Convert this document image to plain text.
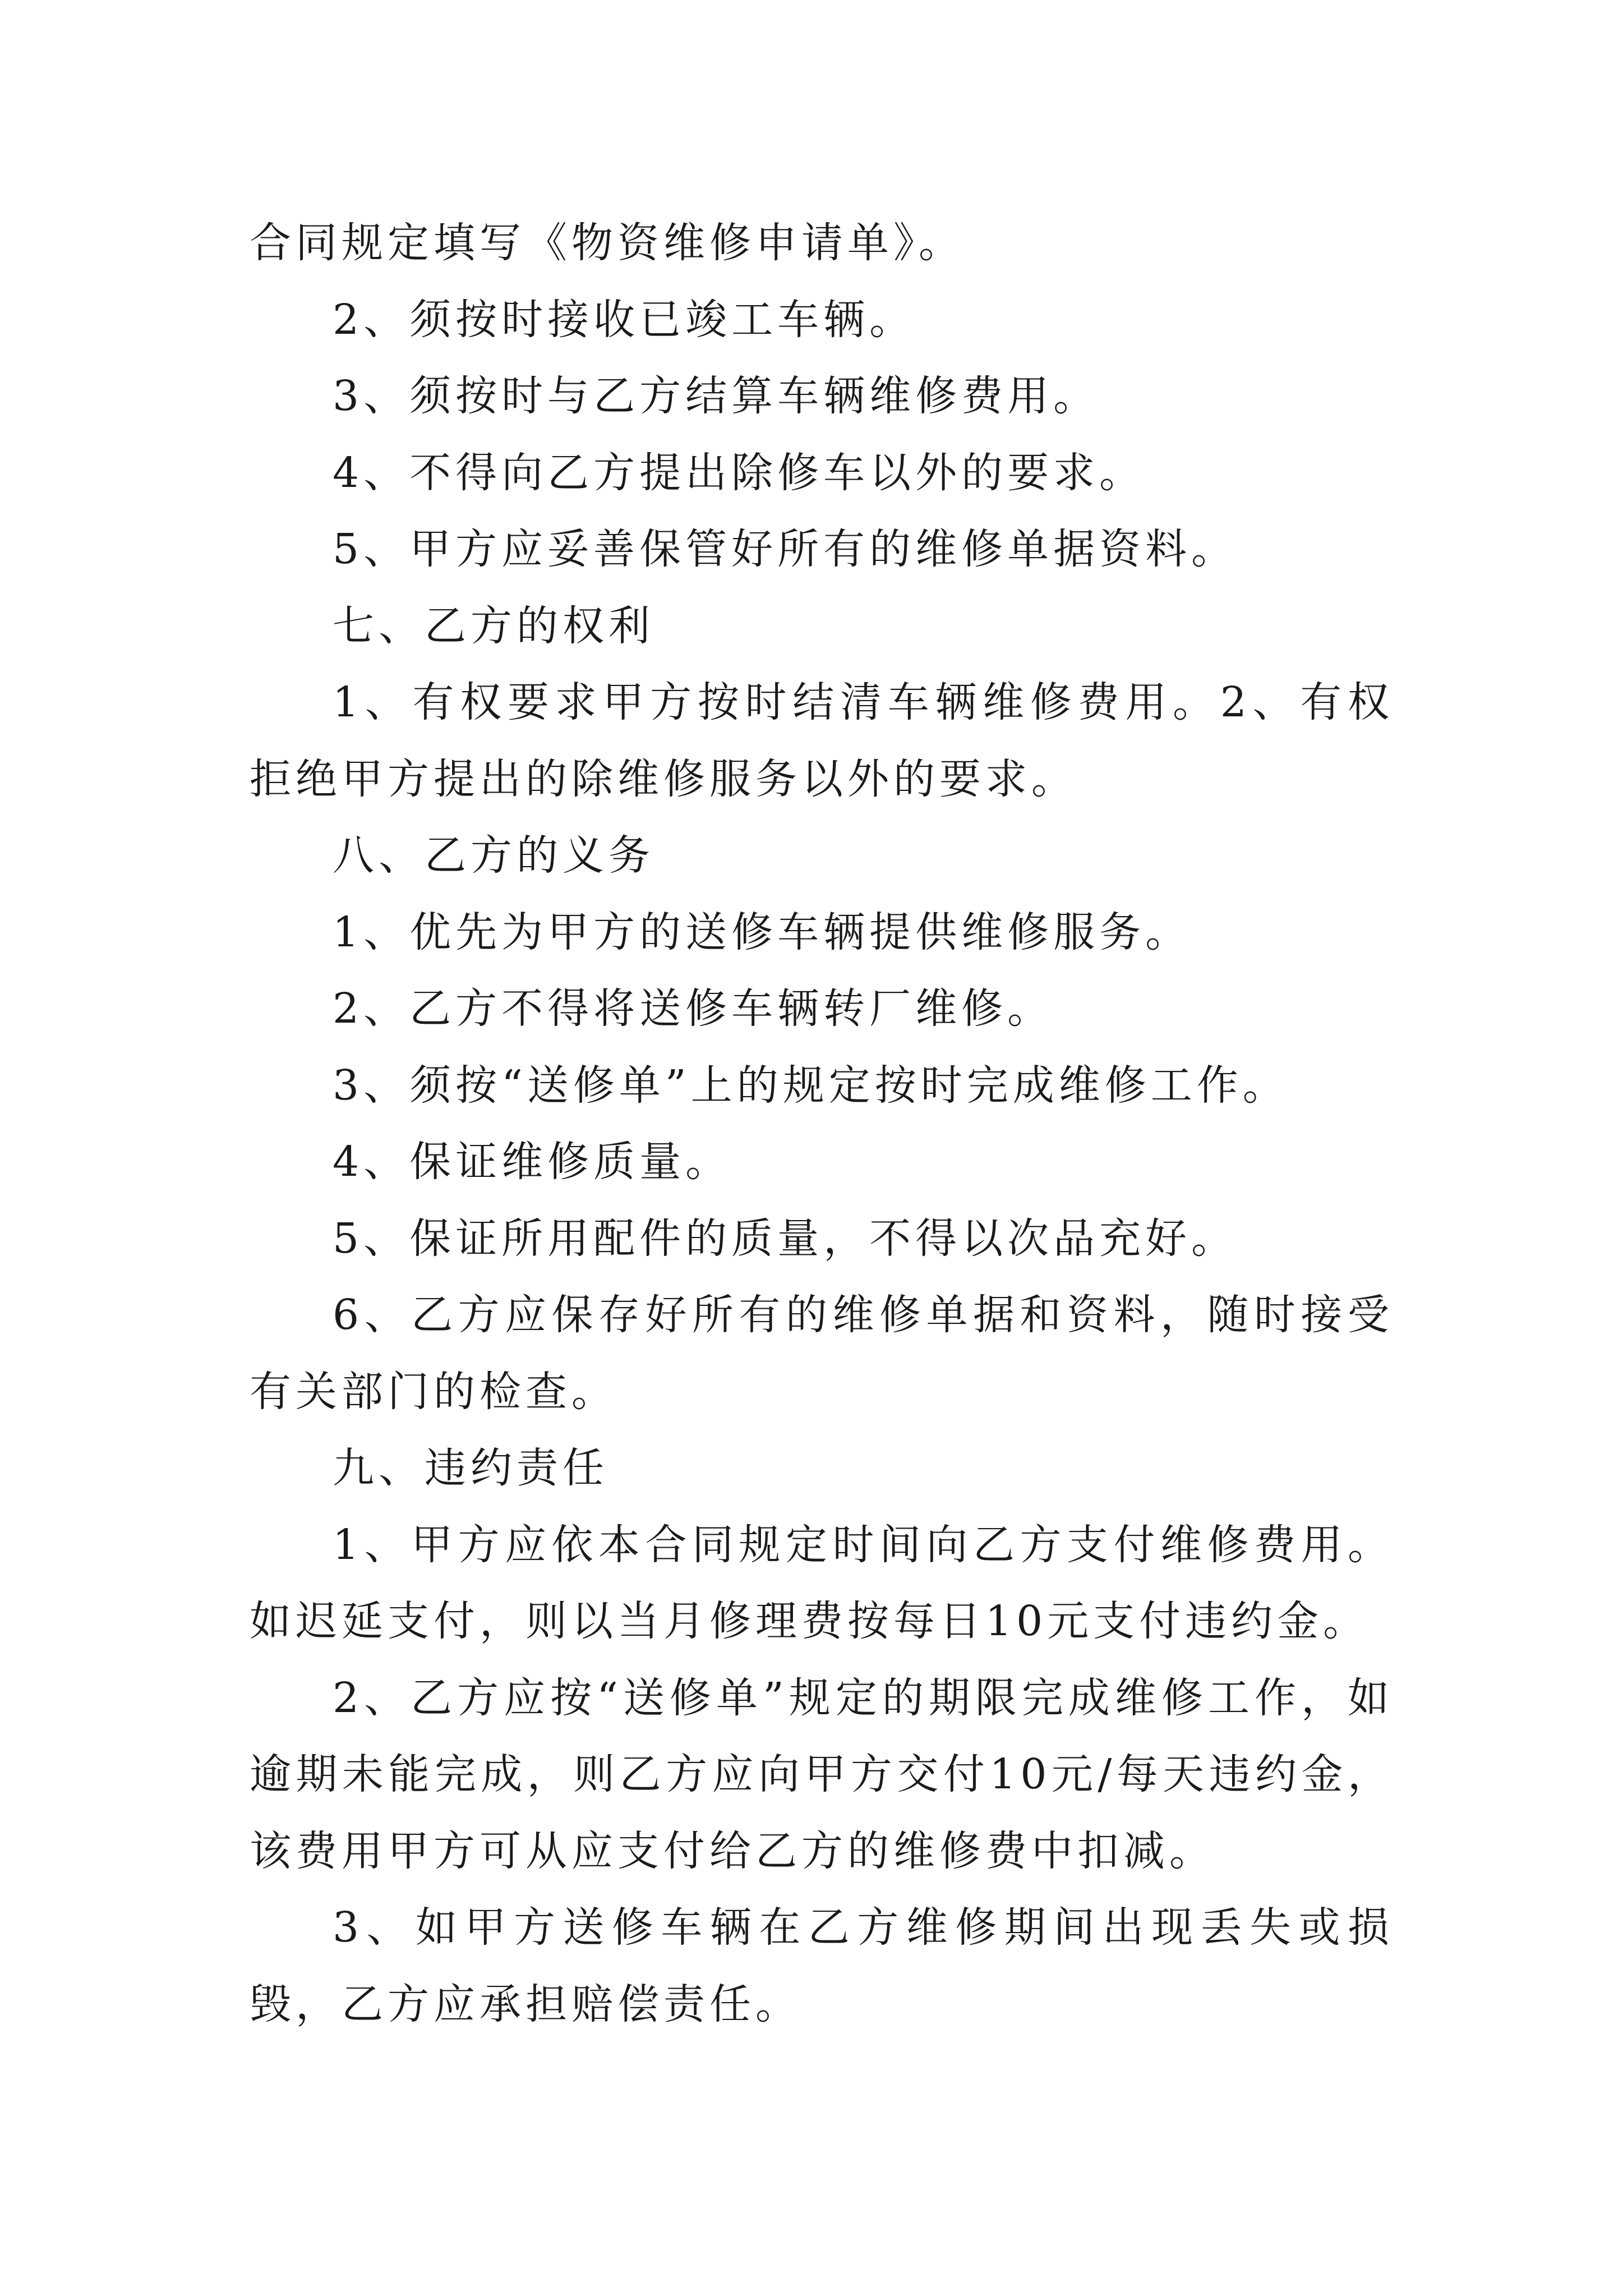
合同规定填写《物资维修申请单》。

2、须按时接收已竣工车辆。

3、须按时与乙方结算车辆维修费用。

4、不得向乙方提出除修车以外的要求。

5、甲方应妥善保管好所有的维修单据资料。

七、乙方的权利

1、有权要求甲方按时结清车辆维修费用。2、有权拒绝甲方提出的除维修服务以外的要求。

八、乙方的义务

1、优先为甲方的送修车辆提供维修服务。

2、乙方不得将送修车辆转厂维修。

3、须按“送修单”上的规定按时完成维修工作。

4、保证维修质量。

5、保证所用配件的质量，不得以次品充好。

6、乙方应保存好所有的维修单据和资料，随时接受有关部门的检查。

九、违约责任

1、甲方应依本合同规定时间向乙方支付维修费用。如迟延支付，则以当月修理费按每日10元支付违约金。

2、乙方应按“送修单”规定的期限完成维修工作，如逾期未能完成，则乙方应向甲方交付10元/每天违约金，该费用甲方可从应支付给乙方的维修费中扣减。

3、如甲方送修车辆在乙方维修期间出现丢失或损毁，乙方应承担赔偿责任。
